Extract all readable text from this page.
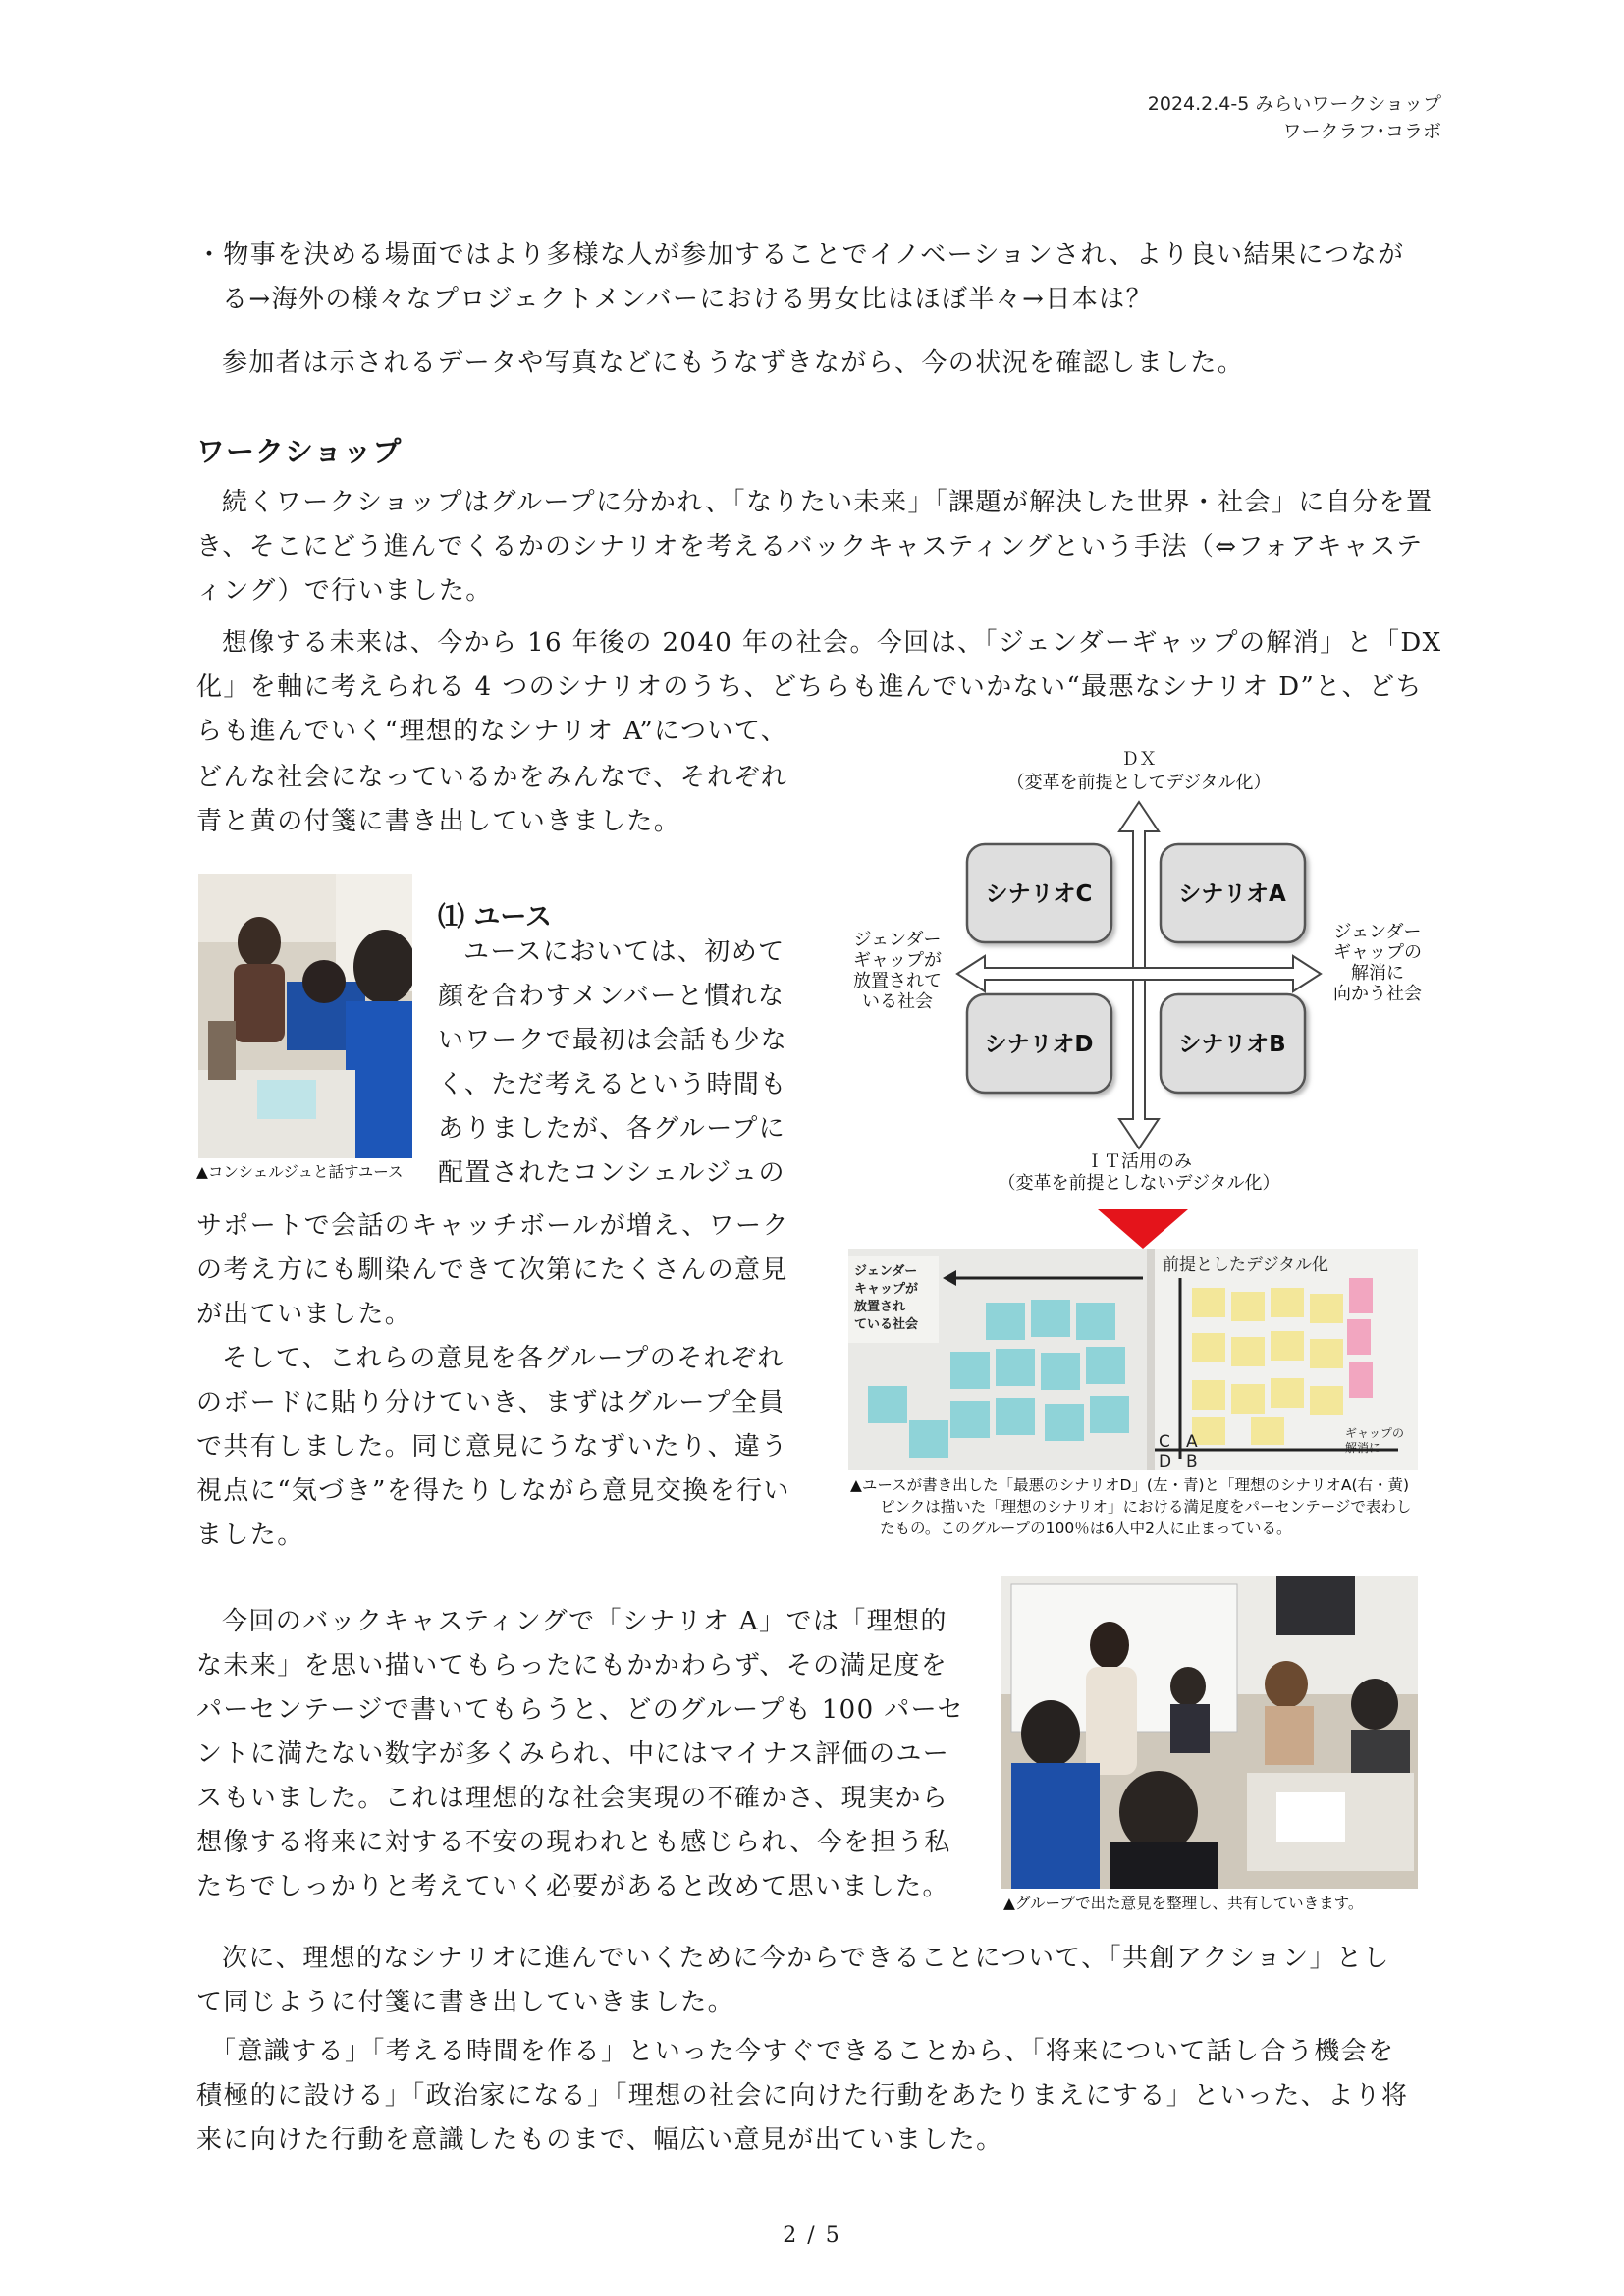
2024.2.4-5 みらいワークショップ
ワークラフ･コラボ

・物事を決める場面ではより多様な人が参加することでイノベーションされ、より良い結果につなが

る→海外の様々なプロジェクトメンバーにおける男女比はほぼ半々→日本は？

参加者は示されるデータや写真などにもうなずきながら、今の状況を確認しました。

ワークショップ

続くワークショップはグループに分かれ、「なりたい未来」「課題が解決した世界・社会」に自分を置き、そこにどう進んでくるかのシナリオを考えるバックキャスティングという手法（⇔フォアキャスティング）で行いました。

想像する未来は、今から 16 年後の 2040 年の社会。今回は、「ジェンダーギャップの解消」と「DX

化」を軸に考えられる 4 つのシナリオのうち、どちらも進んでいかない“最悪なシナリオ D”と、どち

らも進んでいく“理想的なシナリオ A”について、

どんな社会になっているかをみんなで、それぞれ

青と黄の付箋に書き出していきました。

ＤＸ
（変革を前提としてデジタル化）
ＩＴ活用のみ
（変革を前提としないデジタル化）
ジェンダー
ギャップが
放置されて
いる社会
ジェンダー
ギャップの
解消に
向かう社会
シナリオC	シナリオA
シナリオD	シナリオB
▲コンシェルジュと話すユース
⑴ ユース

ユースにおいては、初めて

顔を合わすメンバーと慣れな

いワークで最初は会話も少な

く、ただ考えるという時間も

ありましたが、各グループに

配置されたコンシェルジュの

サポートで会話のキャッチボールが増え、ワーク

の考え方にも馴染んできて次第にたくさんの意見

が出ていました。

そして、これらの意見を各グループのそれぞれ

のボードに貼り分けていき、まずはグループ全員

で共有しました。同じ意見にうなずいたり、違う

視点に“気づき”を得たりしながら意見交換を行い

ました。

ジェンダー
キャップが
放置され
ている社会
前提としたデジタル化
C A
D B
ギャップの
解消に
▲ユースが書き出した「最悪のシナリオD」(左・青)と「理想のシナリオA(右・黄)
ピンクは描いた「理想のシナリオ」における満足度をパーセンテージで表わし
たもの。このグループの100％は6人中2人に止まっている。

今回のバックキャスティングで「シナリオ A」では「理想的

な未来」を思い描いてもらったにもかかわらず、その満足度を

パーセンテージで書いてもらうと、どのグループも 100 パーセ

ントに満たない数字が多くみられ、中にはマイナス評価のユー

スもいました。これは理想的な社会実現の不確かさ、現実から

想像する将来に対する不安の現われとも感じられ、今を担う私

たちでしっかりと考えていく必要があると改めて思いました。

▲グループで出た意見を整理し、共有していきます。

次に、理想的なシナリオに進んでいくために今からできることについて、「共創アクション」とし

て同じように付箋に書き出していきました。

「意識する」「考える時間を作る」といった今すぐできることから、「将来について話し合う機会を

積極的に設ける」「政治家になる」「理想の社会に向けた行動をあたりまえにする」といった、より将

来に向けた行動を意識したものまで、幅広い意見が出ていました。

2 / 5
